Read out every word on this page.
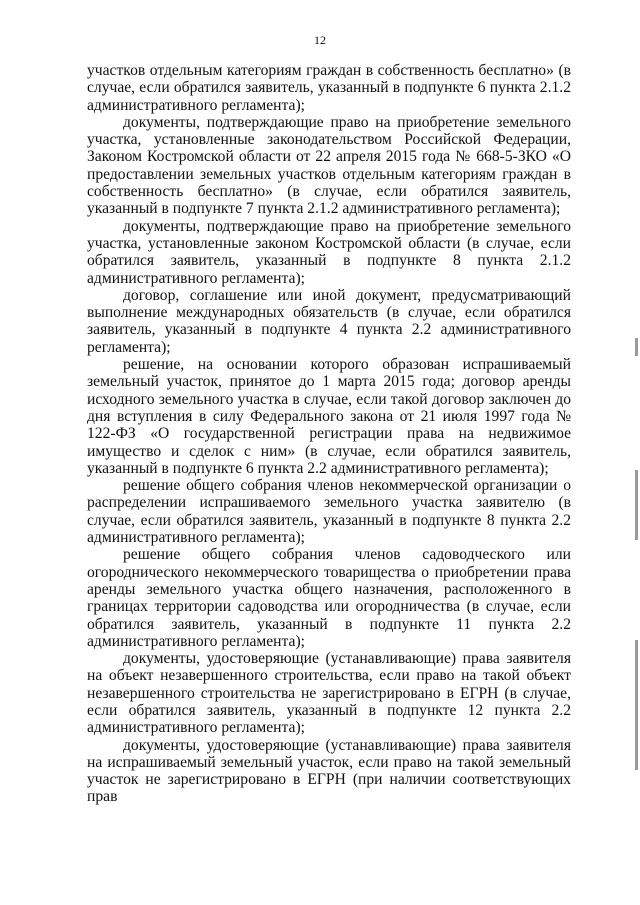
12

участков отдельным категориям граждан в собственность бесплатно» (в случае, если обратился заявитель, указанный в подпункте 6 пункта 2.1.2 административного регламента);

документы, подтверждающие право на приобретение земельного участка, установленные законодательством Российской Федерации, Законом Костромской области от 22 апреля 2015 года № 668-5-ЗКО «О предоставлении земельных участков отдельным категориям граждан в собственность бесплатно» (в случае, если обратился заявитель, указанный в подпункте 7 пункта 2.1.2 административного регламента);

документы, подтверждающие право на приобретение земельного участка, установленные законом Костромской области (в случае, если обратился заявитель, указанный в подпункте 8 пункта 2.1.2 административного регламента);

договор, соглашение или иной документ, предусматривающий выполнение международных обязательств (в случае, если обратился заявитель, указанный в подпункте 4 пункта 2.2 административного регламента);

решение, на основании которого образован испрашиваемый земельный участок, принятое до 1 марта 2015 года; договор аренды исходного земельного участка в случае, если такой договор заключен до дня вступления в силу Федерального закона от 21 июля 1997 года № 122-ФЗ «О государственной регистрации права на недвижимое имущество и сделок с ним» (в случае, если обратился заявитель, указанный в подпункте 6 пункта 2.2 административного регламента);

решение общего собрания членов некоммерческой организации о распределении испрашиваемого земельного участка заявителю (в случае, если обратился заявитель, указанный в подпункте 8 пункта 2.2 административного регламента);

решение общего собрания членов садоводческого или огороднического некоммерческого товарищества о приобретении права аренды земельного участка общего назначения, расположенного в границах территории садоводства или огородничества (в случае, если обратился заявитель, указанный в подпункте 11 пункта 2.2 административного регламента);

документы, удостоверяющие (устанавливающие) права заявителя на объект незавершенного строительства, если право на такой объект незавершенного строительства не зарегистрировано в ЕГРН (в случае, если обратился заявитель, указанный в подпункте 12 пункта 2.2 административного регламента);

документы, удостоверяющие (устанавливающие) права заявителя на испрашиваемый земельный участок, если право на такой земельный участок не зарегистрировано в ЕГРН (при наличии соответствующих прав
